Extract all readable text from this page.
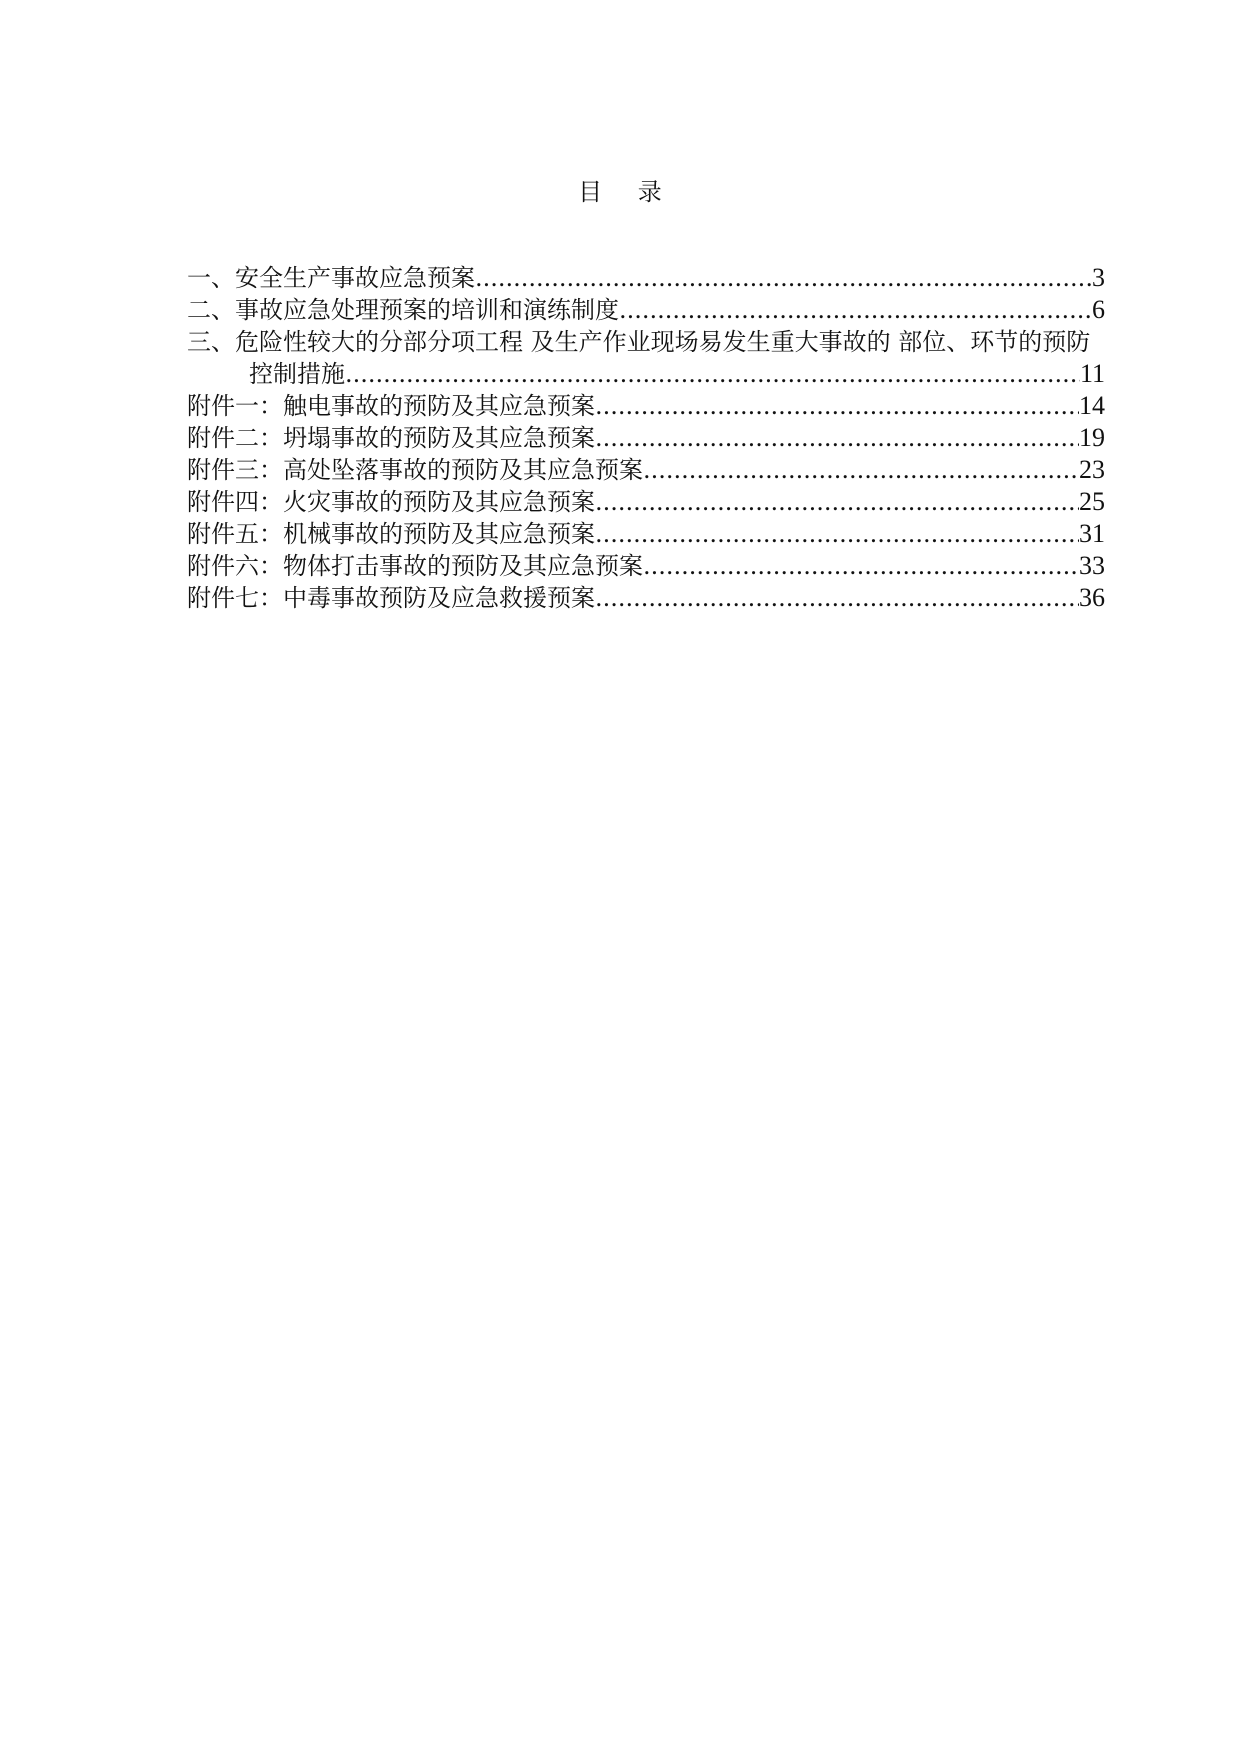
目 录
一、安全生产事故应急预案 .....	3
二、事故应急处理预案的培训和演练制度 .....	6
三、危险性较大的分部分项工程 及生产作业现场易发生重大事故的 部位、环节的预防
控制措施 .....	11
附件一：触电事故的预防及其应急预案 .....	14
附件二：坍塌事故的预防及其应急预案 .....	19
附件三：高处坠落事故的预防及其应急预案 .....	23
附件四：火灾事故的预防及其应急预案 .....	25
附件五：机械事故的预防及其应急预案 .....	31
附件六：物体打击事故的预防及其应急预案 .....	33
附件七：中毒事故预防及应急救援预案 .....	36
